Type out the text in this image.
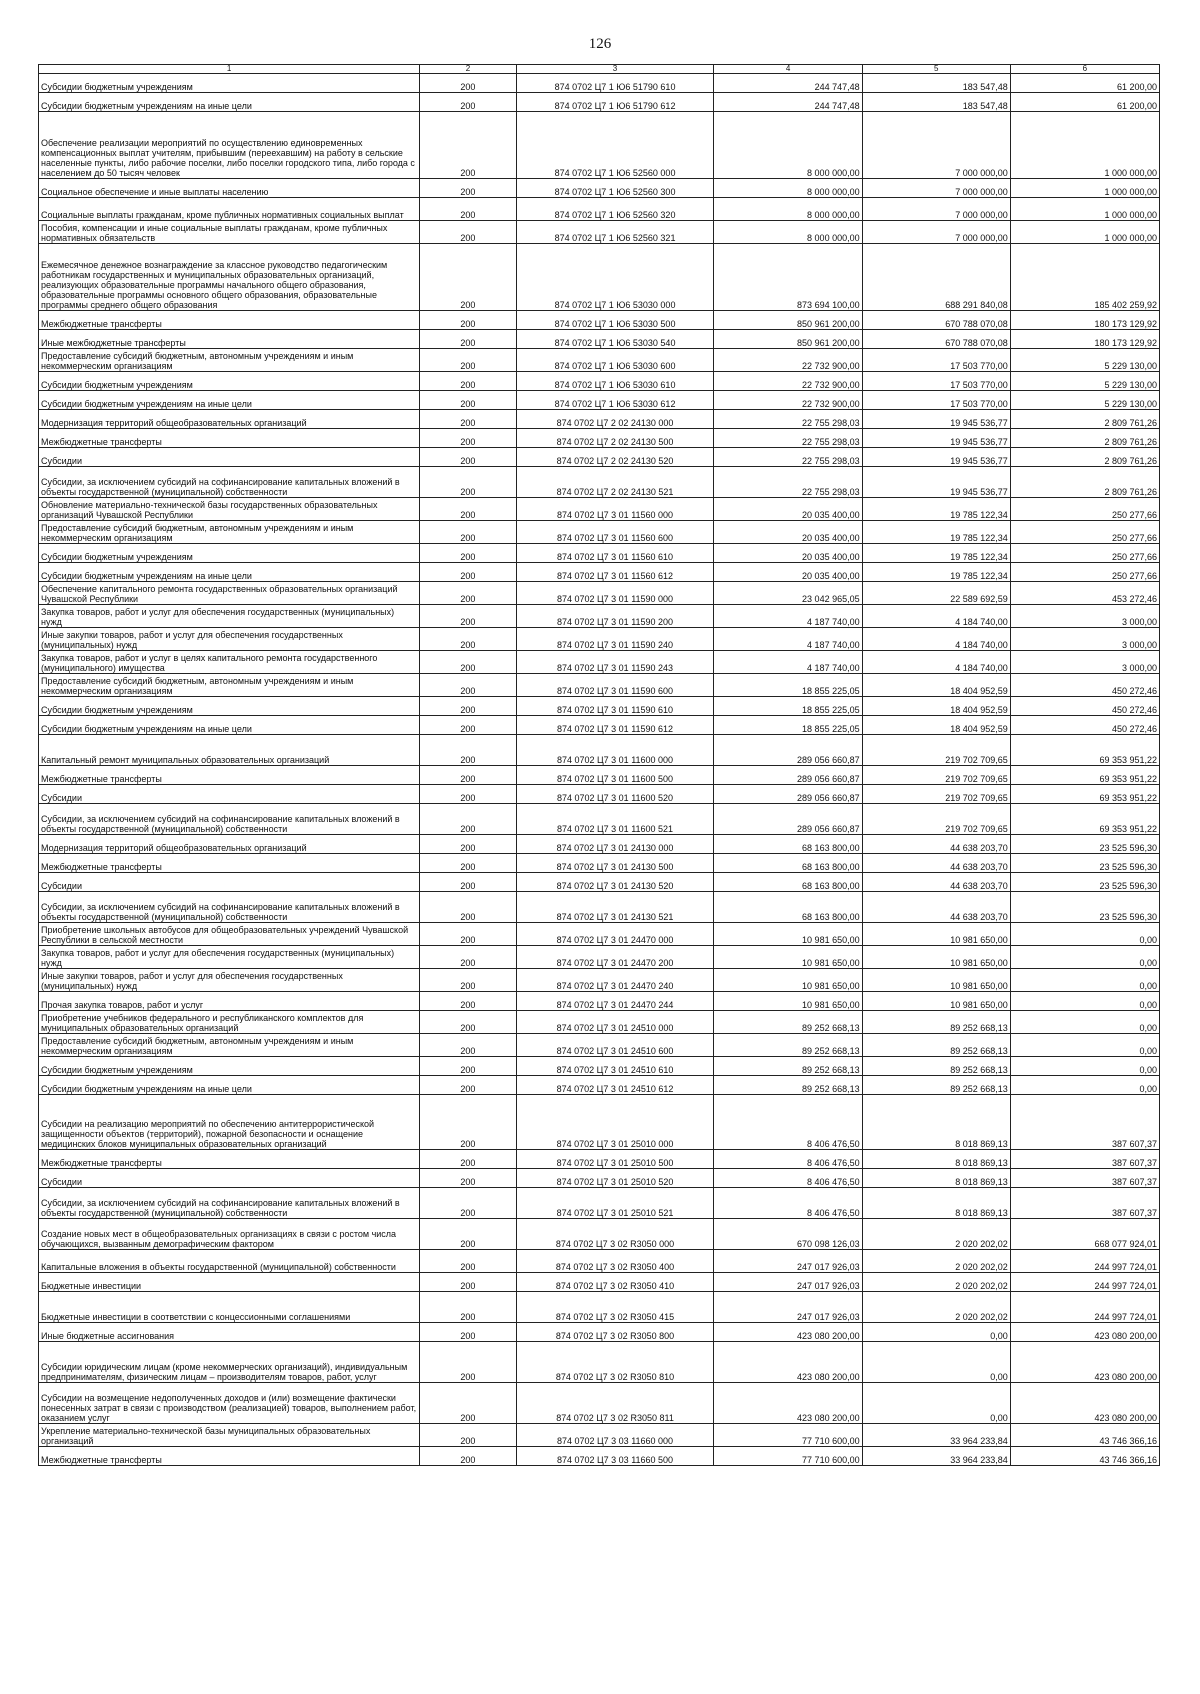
126
1	2	3	4	5	6
Субсидии бюджетным учреждениям	200	874 0702 Ц7 1 Ю6 51790 610	244 747,48	183 547,48	61 200,00
Субсидии бюджетным учреждениям на иные цели	200	874 0702 Ц7 1 Ю6 51790 612	244 747,48	183 547,48	61 200,00
Обеспечение реализации мероприятий по осуществлению единовременных компенсационных выплат учителям, прибывшим (переехавшим) на работу в сельские населенные пункты, либо рабочие поселки, либо поселки городского типа, либо города с населением до 50 тысяч человек	200	874 0702 Ц7 1 Ю6 52560 000	8 000 000,00	7 000 000,00	1 000 000,00
Социальное обеспечение и иные выплаты населению	200	874 0702 Ц7 1 Ю6 52560 300	8 000 000,00	7 000 000,00	1 000 000,00
Социальные выплаты гражданам, кроме публичных нормативных социальных выплат	200	874 0702 Ц7 1 Ю6 52560 320	8 000 000,00	7 000 000,00	1 000 000,00
Пособия, компенсации и иные социальные выплаты гражданам, кроме публичных нормативных обязательств	200	874 0702 Ц7 1 Ю6 52560 321	8 000 000,00	7 000 000,00	1 000 000,00
Ежемесячное денежное вознаграждение за классное руководство педагогическим работникам государственных и муниципальных образовательных организаций, реализующих образовательные программы начального общего образования, образовательные программы основного общего образования, образовательные программы среднего общего образования	200	874 0702 Ц7 1 Ю6 53030 000	873 694 100,00	688 291 840,08	185 402 259,92
Межбюджетные трансферты	200	874 0702 Ц7 1 Ю6 53030 500	850 961 200,00	670 788 070,08	180 173 129,92
Иные межбюджетные трансферты	200	874 0702 Ц7 1 Ю6 53030 540	850 961 200,00	670 788 070,08	180 173 129,92
Предоставление субсидий бюджетным, автономным учреждениям и иным некоммерческим организациям	200	874 0702 Ц7 1 Ю6 53030 600	22 732 900,00	17 503 770,00	5 229 130,00
Субсидии бюджетным учреждениям	200	874 0702 Ц7 1 Ю6 53030 610	22 732 900,00	17 503 770,00	5 229 130,00
Субсидии бюджетным учреждениям на иные цели	200	874 0702 Ц7 1 Ю6 53030 612	22 732 900,00	17 503 770,00	5 229 130,00
Модернизация территорий общеобразовательных организаций	200	874 0702 Ц7 2 02 24130 000	22 755 298,03	19 945 536,77	2 809 761,26
Межбюджетные трансферты	200	874 0702 Ц7 2 02 24130 500	22 755 298,03	19 945 536,77	2 809 761,26
Субсидии	200	874 0702 Ц7 2 02 24130 520	22 755 298,03	19 945 536,77	2 809 761,26
Субсидии, за исключением субсидий на софинансирование капитальных вложений в объекты государственной (муниципальной) собственности	200	874 0702 Ц7 2 02 24130 521	22 755 298,03	19 945 536,77	2 809 761,26
Обновление материально-технической базы государственных образовательных организаций Чувашской Республики	200	874 0702 Ц7 3 01 11560 000	20 035 400,00	19 785 122,34	250 277,66
Предоставление субсидий бюджетным, автономным учреждениям и иным некоммерческим организациям	200	874 0702 Ц7 3 01 11560 600	20 035 400,00	19 785 122,34	250 277,66
Субсидии бюджетным учреждениям	200	874 0702 Ц7 3 01 11560 610	20 035 400,00	19 785 122,34	250 277,66
Субсидии бюджетным учреждениям на иные цели	200	874 0702 Ц7 3 01 11560 612	20 035 400,00	19 785 122,34	250 277,66
Обеспечение капитального ремонта государственных образовательных организаций Чувашской Республики	200	874 0702 Ц7 3 01 11590 000	23 042 965,05	22 589 692,59	453 272,46
Закупка товаров, работ и услуг для обеспечения государственных (муниципальных) нужд	200	874 0702 Ц7 3 01 11590 200	4 187 740,00	4 184 740,00	3 000,00
Иные закупки товаров, работ и услуг для обеспечения государственных (муниципальных) нужд	200	874 0702 Ц7 3 01 11590 240	4 187 740,00	4 184 740,00	3 000,00
Закупка товаров, работ и услуг в целях капитального ремонта государственного (муниципального) имущества	200	874 0702 Ц7 3 01 11590 243	4 187 740,00	4 184 740,00	3 000,00
Предоставление субсидий бюджетным, автономным учреждениям и иным некоммерческим организациям	200	874 0702 Ц7 3 01 11590 600	18 855 225,05	18 404 952,59	450 272,46
Субсидии бюджетным учреждениям	200	874 0702 Ц7 3 01 11590 610	18 855 225,05	18 404 952,59	450 272,46
Субсидии бюджетным учреждениям на иные цели	200	874 0702 Ц7 3 01 11590 612	18 855 225,05	18 404 952,59	450 272,46
Капитальный ремонт муниципальных образовательных организаций	200	874 0702 Ц7 3 01 11600 000	289 056 660,87	219 702 709,65	69 353 951,22
Межбюджетные трансферты	200	874 0702 Ц7 3 01 11600 500	289 056 660,87	219 702 709,65	69 353 951,22
Субсидии	200	874 0702 Ц7 3 01 11600 520	289 056 660,87	219 702 709,65	69 353 951,22
Субсидии, за исключением субсидий на софинансирование капитальных вложений в объекты государственной (муниципальной) собственности	200	874 0702 Ц7 3 01 11600 521	289 056 660,87	219 702 709,65	69 353 951,22
Модернизация территорий общеобразовательных организаций	200	874 0702 Ц7 3 01 24130 000	68 163 800,00	44 638 203,70	23 525 596,30
Межбюджетные трансферты	200	874 0702 Ц7 3 01 24130 500	68 163 800,00	44 638 203,70	23 525 596,30
Субсидии	200	874 0702 Ц7 3 01 24130 520	68 163 800,00	44 638 203,70	23 525 596,30
Субсидии, за исключением субсидий на софинансирование капитальных вложений в объекты государственной (муниципальной) собственности	200	874 0702 Ц7 3 01 24130 521	68 163 800,00	44 638 203,70	23 525 596,30
Приобретение школьных автобусов для общеобразовательных учреждений Чувашской Республики в сельской местности	200	874 0702 Ц7 3 01 24470 000	10 981 650,00	10 981 650,00	0,00
Закупка товаров, работ и услуг для обеспечения государственных (муниципальных) нужд	200	874 0702 Ц7 3 01 24470 200	10 981 650,00	10 981 650,00	0,00
Иные закупки товаров, работ и услуг для обеспечения государственных (муниципальных) нужд	200	874 0702 Ц7 3 01 24470 240	10 981 650,00	10 981 650,00	0,00
Прочая закупка товаров, работ и услуг	200	874 0702 Ц7 3 01 24470 244	10 981 650,00	10 981 650,00	0,00
Приобретение учебников федерального и республиканского комплектов для муниципальных образовательных организаций	200	874 0702 Ц7 3 01 24510 000	89 252 668,13	89 252 668,13	0,00
Предоставление субсидий бюджетным, автономным учреждениям и иным некоммерческим организациям	200	874 0702 Ц7 3 01 24510 600	89 252 668,13	89 252 668,13	0,00
Субсидии бюджетным учреждениям	200	874 0702 Ц7 3 01 24510 610	89 252 668,13	89 252 668,13	0,00
Субсидии бюджетным учреждениям на иные цели	200	874 0702 Ц7 3 01 24510 612	89 252 668,13	89 252 668,13	0,00
Субсидии на реализацию мероприятий по обеспечению антитеррористической защищенности объектов (территорий), пожарной безопасности и оснащение медицинских блоков муниципальных образовательных организаций	200	874 0702 Ц7 3 01 25010 000	8 406 476,50	8 018 869,13	387 607,37
Межбюджетные трансферты	200	874 0702 Ц7 3 01 25010 500	8 406 476,50	8 018 869,13	387 607,37
Субсидии	200	874 0702 Ц7 3 01 25010 520	8 406 476,50	8 018 869,13	387 607,37
Субсидии, за исключением субсидий на софинансирование капитальных вложений в объекты государственной (муниципальной) собственности	200	874 0702 Ц7 3 01 25010 521	8 406 476,50	8 018 869,13	387 607,37
Создание новых мест в общеобразовательных организациях в связи с ростом числа обучающихся, вызванным демографическим фактором	200	874 0702 Ц7 3 02 R3050 000	670 098 126,03	2 020 202,02	668 077 924,01
Капитальные вложения в объекты государственной (муниципальной) собственности	200	874 0702 Ц7 3 02 R3050 400	247 017 926,03	2 020 202,02	244 997 724,01
Бюджетные инвестиции	200	874 0702 Ц7 3 02 R3050 410	247 017 926,03	2 020 202,02	244 997 724,01
Бюджетные инвестиции в соответствии с концессионными соглашениями	200	874 0702 Ц7 3 02 R3050 415	247 017 926,03	2 020 202,02	244 997 724,01
Иные бюджетные ассигнования	200	874 0702 Ц7 3 02 R3050 800	423 080 200,00	0,00	423 080 200,00
Субсидии юридическим лицам (кроме некоммерческих организаций), индивидуальным предпринимателям, физическим лицам – производителям товаров, работ, услуг	200	874 0702 Ц7 3 02 R3050 810	423 080 200,00	0,00	423 080 200,00
Субсидии на возмещение недополученных доходов и (или) возмещение фактически понесенных затрат в связи с производством (реализацией) товаров, выполнением работ, оказанием услуг	200	874 0702 Ц7 3 02 R3050 811	423 080 200,00	0,00	423 080 200,00
Укрепление материально-технической базы муниципальных образовательных организаций	200	874 0702 Ц7 3 03 11660 000	77 710 600,00	33 964 233,84	43 746 366,16
Межбюджетные трансферты	200	874 0702 Ц7 3 03 11660 500	77 710 600,00	33 964 233,84	43 746 366,16
